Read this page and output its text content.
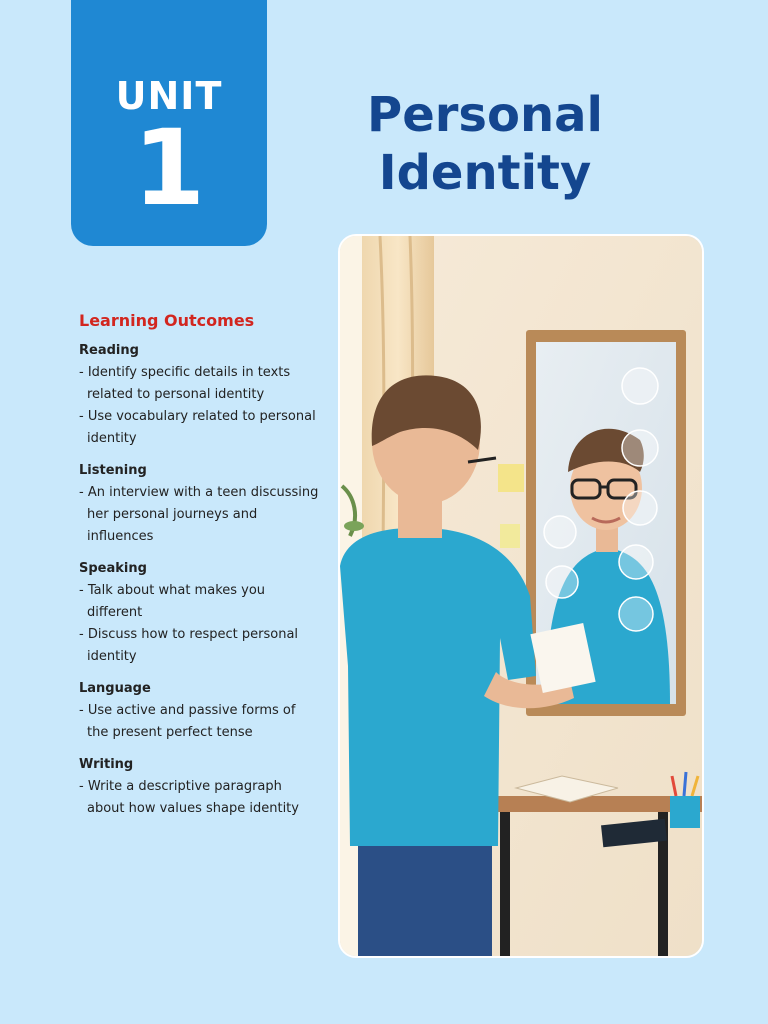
UNIT
1	Personal
Identity
Learning Outcomes
Reading
- Identify specific details in texts related to personal identity
- Use vocabulary related to personal identity
Listening
- An interview with a teen discussing her personal journeys and influences
Speaking
- Talk about what makes you different
- Discuss how to respect personal identity
Language
- Use active and passive forms of the present perfect tense
Writing
- Write a descriptive paragraph about how values shape identity
